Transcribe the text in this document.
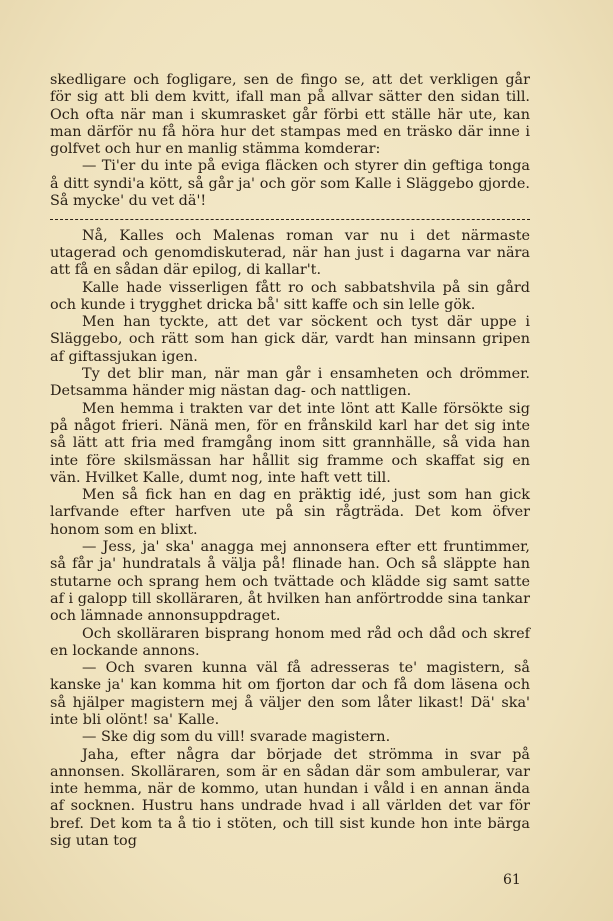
skedligare och fogligare, sen de fingo se, att det verkligen går för sig att bli dem kvitt, ifall man på allvar sätter den sidan till. Och ofta när man i skumrasket går förbi ett ställe här ute, kan man därför nu få höra hur det stampas med en träsko där inne i golfvet och hur en manlig stämma komderar:

— Ti'er du inte på eviga fläcken och styrer din geftiga tonga å ditt syndi'a kött, så går ja' och gör som Kalle i Släggebo gjorde. Så mycke' du vet dä'!

Nå, Kalles och Malenas roman var nu i det närmaste utagerad och genomdiskuterad, när han just i dagarna var nära att få en sådan där epilog, di kallar't.

Kalle hade visserligen fått ro och sabbatshvila på sin gård och kunde i trygghet dricka bå' sitt kaffe och sin lelle gök.

Men han tyckte, att det var söckent och tyst där uppe i Släggebo, och rätt som han gick där, vardt han minsann gripen af giftassjukan igen.

Ty det blir man, när man går i ensamheten och drömmer. Detsamma händer mig nästan dag- och nattligen.

Men hemma i trakten var det inte lönt att Kalle försökte sig på något frieri. Nänä men, för en frånskild karl har det sig inte så lätt att fria med framgång inom sitt grannhälle, så vida han inte före skilsmässan har hållit sig framme och skaffat sig en vän. Hvilket Kalle, dumt nog, inte haft vett till.

Men så fick han en dag en präktig idé, just som han gick larfvande efter harfven ute på sin rågträda. Det kom öfver honom som en blixt.

— Jess, ja' ska' anagga mej annonsera efter ett fruntimmer, så får ja' hundratals å välja på! flinade han. Och så släppte han stutarne och sprang hem och tvättade och klädde sig samt satte af i galopp till skolläraren, åt hvilken han anförtrodde sina tankar och lämnade annonsuppdraget.

Och skolläraren bisprang honom med råd och dåd och skref en lockande annons.

— Och svaren kunna väl få adresseras te' magistern, så kanske ja' kan komma hit om fjorton dar och få dom läsena och så hjälper magistern mej å väljer den som låter likast! Dä' ska' inte bli olönt! sa' Kalle.

— Ske dig som du vill! svarade magistern.

Jaha, efter några dar började det strömma in svar på annonsen. Skolläraren, som är en sådan där som ambulerar, var inte hemma, när de kommo, utan hundan i våld i en annan ända af socknen. Hustru hans undrade hvad i all världen det var för bref. Det kom ta å tio i stöten, och till sist kunde hon inte bärga sig utan tog

61
